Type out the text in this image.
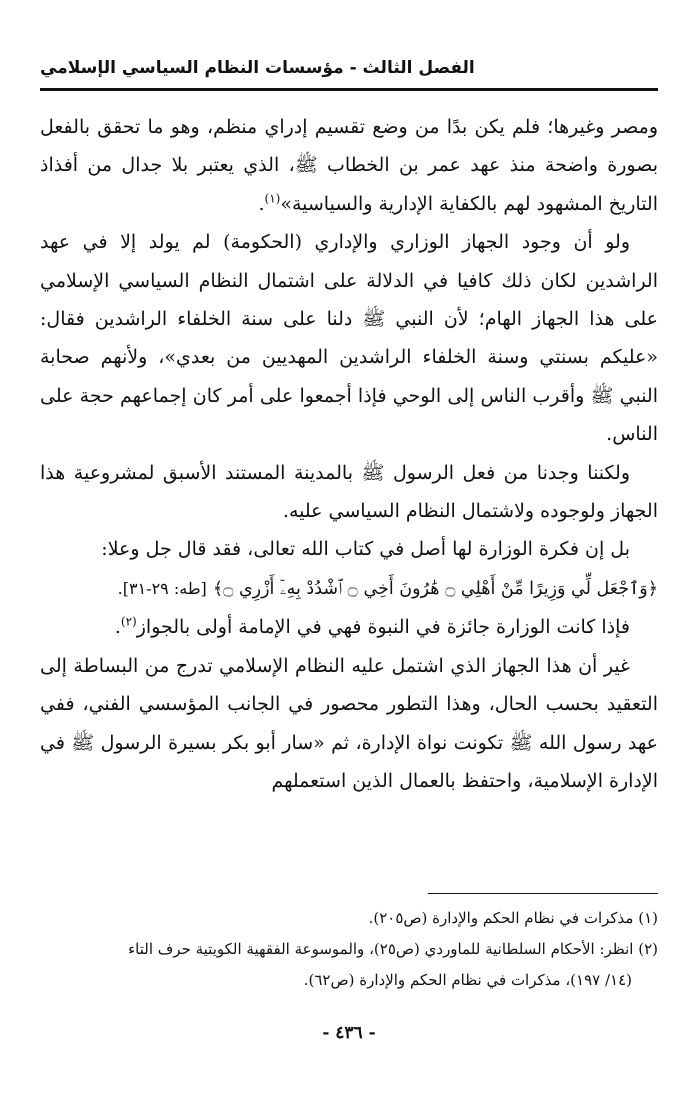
الفصل الثالث - مؤسسات النظام السياسي الإسلامي

ومصر وغيرها؛ فلم يكن بدًا من وضع تقسيم إدراي منظم، وهو ما تحقق بالفعل بصورة واضحة منذ عهد عمر بن الخطاب ﷺ، الذي يعتبر بلا جدال من أفذاذ التاريخ المشهود لهم بالكفاية الإدارية والسياسية»$^{(١)}$.

ولو أن وجود الجهاز الوزاري والإداري (الحكومة) لم يولد إلا في عهد الراشدين لكان ذلك كافيا في الدلالة على اشتمال النظام السياسي الإسلامي على هذا الجهاز الهام؛ لأن النبي ﷺ دلنا على سنة الخلفاء الراشدين فقال: «عليكم بسنتي وسنة الخلفاء الراشدين المهديين من بعدي»، ولأنهم صحابة النبي ﷺ وأقرب الناس إلى الوحي فإذا أجمعوا على أمر كان إجماعهم حجة على الناس.

ولكننا وجدنا من فعل الرسول ﷺ بالمدينة المستند الأسبق لمشروعية هذا الجهاز ولوجوده ولاشتمال النظام السياسي عليه.

بل إن فكرة الوزارة لها أصل في كتاب الله تعالى، فقد قال جل وعلا:

﴿وَٱجْعَل لِّي وَزِيرًا مِّنْ أَهْلِي ۝ هَٰرُونَ أَخِي ۝ ٱشْدُدْ بِهِۦٓ أَزْرِي ۝﴾ [طه: ٢٩-٣١].

فإذا كانت الوزارة جائزة في النبوة فهي في الإمامة أولى بالجواز$^{(٢)}$.

غير أن هذا الجهاز الذي اشتمل عليه النظام الإسلامي تدرج من البساطة إلى التعقيد بحسب الحال، وهذا التطور محصور في الجانب المؤسسي الفني، ففي عهد رسول الله ﷺ تكونت نواة الإدارة، ثم «سار أبو بكر بسيرة الرسول ﷺ في الإدارة الإسلامية، واحتفظ بالعمال الذين استعملهم

(١) مذكرات في نظام الحكم والإدارة (ص٢٠٥).

(٢) انظر: الأحكام السلطانية للماوردي (ص٢٥)، والموسوعة الفقهية الكويتية حرف التاء

(١٤/ ١٩٧)، مذكرات في نظام الحكم والإدارة (ص٦٢).

- ٤٣٦ -
